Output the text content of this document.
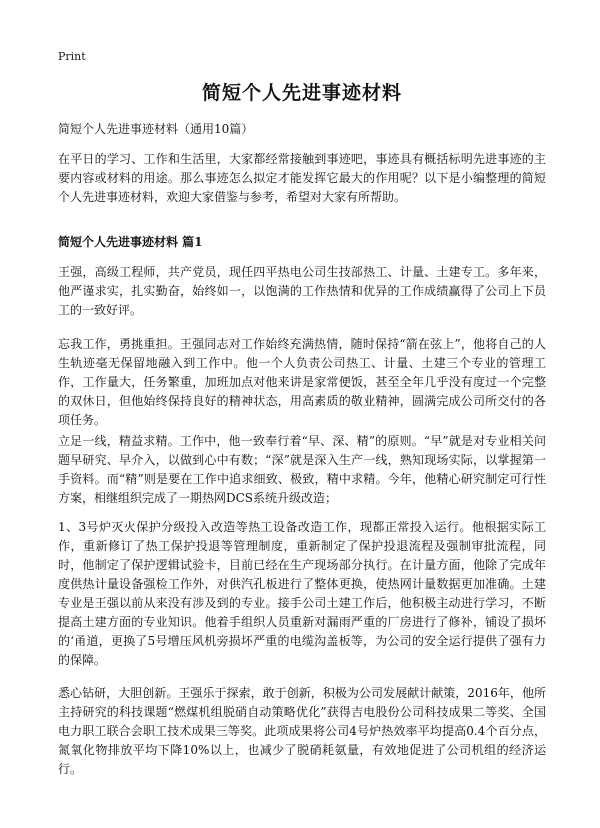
Print
简短个人先进事迹材料
简短个人先进事迹材料（通用10篇）

在平日的学习、工作和生活里，大家都经常接触到事迹吧，事迹具有概括标明先进事迹的主要内容或材料的用途。那么事迹怎么拟定才能发挥它最大的作用呢？以下是小编整理的简短个人先进事迹材料，欢迎大家借鉴与参考，希望对大家有所帮助。

简短个人先进事迹材料 篇1

王强，高级工程师，共产党员，现任四平热电公司生技部热工、计量、土建专工。多年来，他严谨求实，扎实勤奋，始终如一，以饱满的工作热情和优异的工作成绩赢得了公司上下员工的一致好评。

忘我工作，勇挑重担。王强同志对工作始终充满热情，随时保持“箭在弦上”，他将自己的人生轨迹毫无保留地融入到工作中。他一个人负责公司热工、计量、土建三个专业的管理工作，工作量大，任务繁重，加班加点对他来讲是家常便饭，甚至全年几乎没有度过一个完整的双休日，但他始终保持良好的精神状态，用高素质的敬业精神，圆满完成公司所交付的各项任务。

立足一线，精益求精。工作中，他一致奉行着“早、深、精”的原则。“早”就是对专业相关问题早研究、早介入，以做到心中有数；“深”就是深入生产一线，熟知现场实际，以掌握第一手资料。而“精”则是要在工作中追求细致、极致，精中求精。今年，他精心研究制定可行性方案，相继组织完成了一期热网DCS系统升级改造；

1、3号炉灭火保护分级投入改造等热工设备改造工作，现都正常投入运行。他根据实际工作，重新修订了热工保护投退等管理制度，重新制定了保护投退流程及强制审批流程，同时，他制定了保护逻辑试验卡，目前已经在生产现场部分执行。在计量方面，他除了完成年度供热计量设备强检工作外，对供汽孔板进行了整体更换，使热网计量数据更加准确。土建专业是王强以前从来没有涉及到的专业。接手公司土建工作后，他积极主动进行学习，不断提高土建方面的专业知识。他着手组织人员重新对漏雨严重的厂房进行了修补，铺设了损坏的‘甬道，更换了5号增压风机旁损坏严重的电缆沟盖板等，为公司的安全运行提供了强有力的保障。

悉心钻研，大胆创新。王强乐于探索，敢于创新，积极为公司发展献计献策，2016年，他所主持研究的科技课题“燃煤机组脱硝自动策略优化”获得吉电股份公司科技成果二等奖、全国电力职工联合会职工技术成果三等奖。此项成果将公司4号炉热效率平均提高0.4个百分点，氮氧化物排放平均下降10%以上，也减少了脱硝耗氨量，有效地促进了公司机组的经济运行。
